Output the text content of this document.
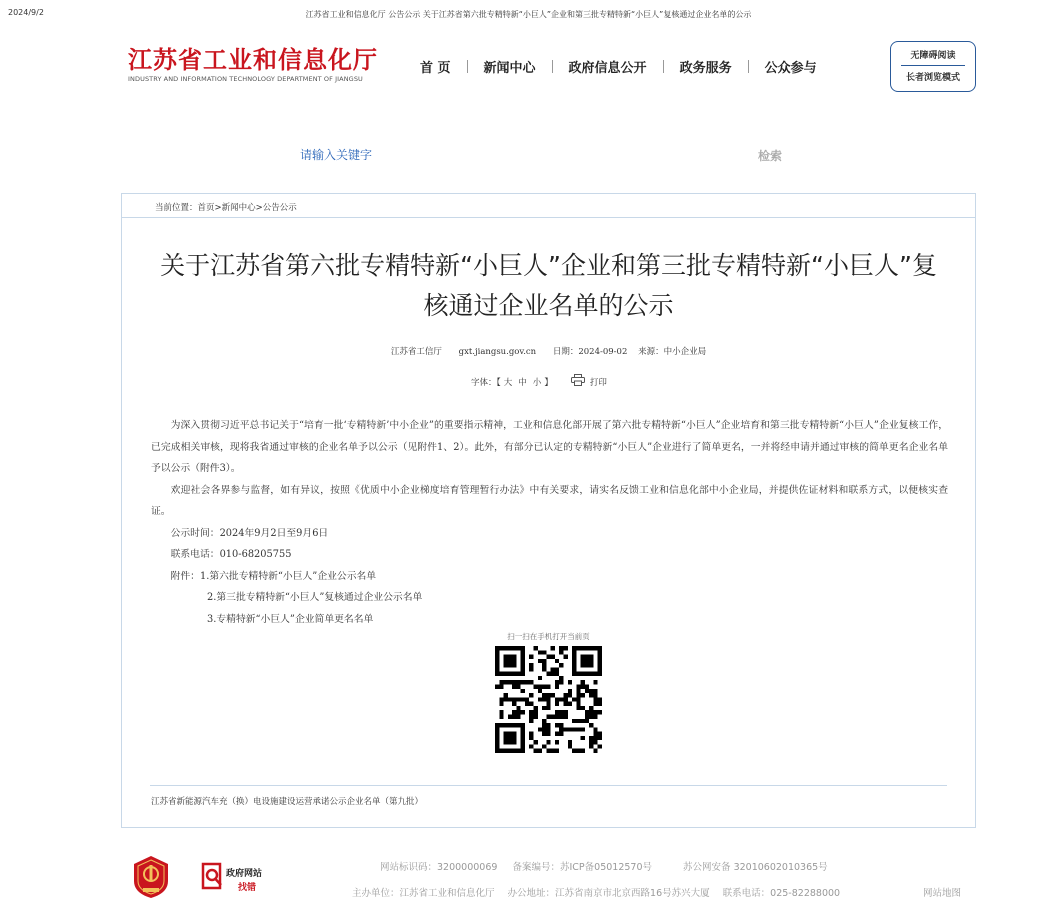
2024/9/2	江苏省工业和信息化厅 公告公示 关于江苏省第六批专精特新“小巨人”企业和第三批专精特新“小巨人”复核通过企业名单的公示
江苏省工业和信息化厅
INDUSTRY AND INFORMATION TECHNOLOGY DEPARTMENT OF JIANGSU
首 页	新闻中心	政府信息公开	政务服务	公众参与
无障碍阅读
长者浏览模式
请输入关键字
检索
当前位置：首页>新闻中心>公告公示
关于江苏省第六批专精特新“小巨人”企业和第三批专精特新“小巨人”复核通过企业名单的公示
江苏省工信厅 gxt.jiangsu.gov.cn 日期：2024-09-02 来源：中小企业局
字体：【 大 中 小 】	打印

为深入贯彻习近平总书记关于“培育一批‘专精特新’中小企业”的重要指示精神，工业和信息化部开展了第六批专精特新“小巨人”企业培育和第三批专精特新“小巨人”企业复核工作，已完成相关审核，现将我省通过审核的企业名单予以公示（见附件1、2）。此外，有部分已认定的专精特新“小巨人”企业进行了简单更名，一并将经申请并通过审核的简单更名企业名单予以公示（附件3）。

欢迎社会各界参与监督，如有异议，按照《优质中小企业梯度培育管理暂行办法》中有关要求，请实名反馈工业和信息化部中小企业局，并提供佐证材料和联系方式，以便核实查证。

公示时间：2024年9月2日至9月6日

联系电话：010-68205755

附件：1.第六批专精特新“小巨人”企业公示名单

2.第三批专精特新“小巨人”复核通过企业公示名单

3.专精特新“小巨人”企业简单更名名单

扫一扫在手机打开当前页
江苏省新能源汽车充（换）电设施建设运营承诺公示企业名单（第九批）
政府网站
找错
网站标识码：3200000069 备案编号：苏ICP备05012570号	苏公网安备 32010602010365号
主办单位：江苏省工业和信息化厅 办公地址：江苏省南京市北京西路16号苏兴大厦 联系电话：025-82288000	网站地图
